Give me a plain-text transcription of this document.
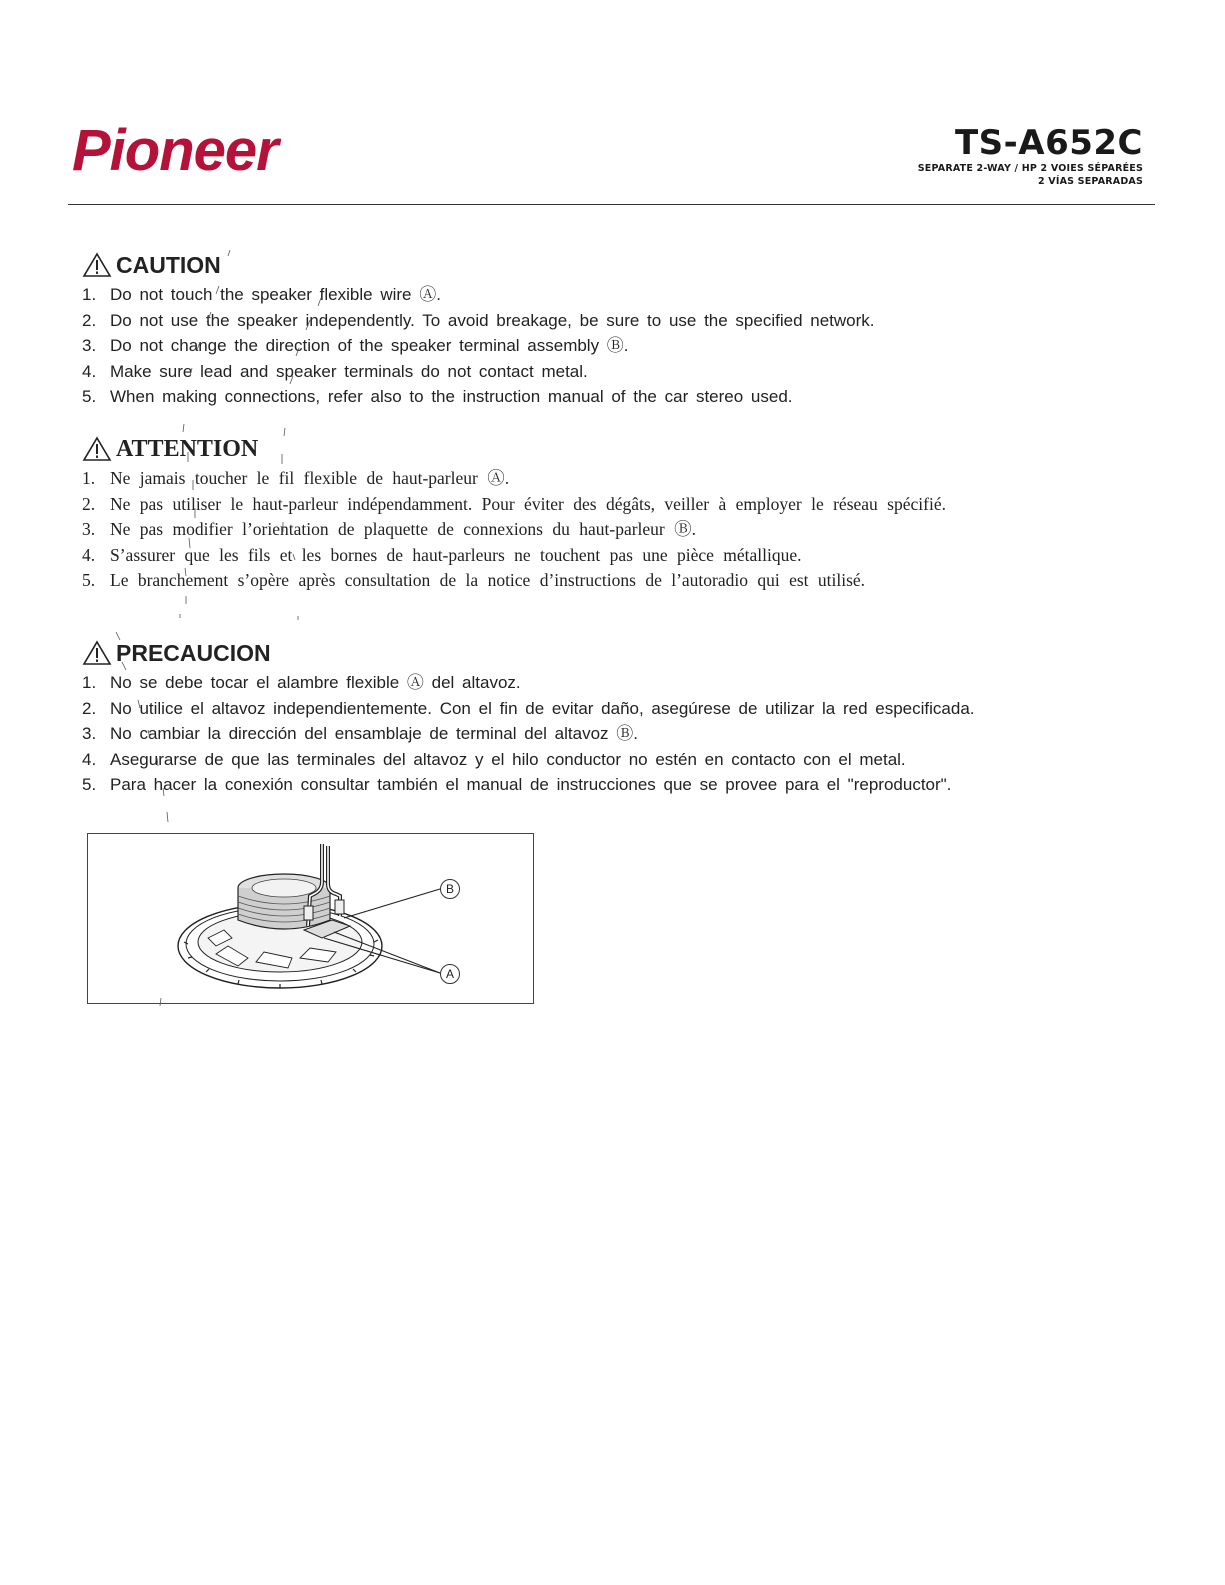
Pioneer	TS-A652C
SEPARATE 2-WAY / HP 2 VOIES SÉPARÉES
2 VÍAS SEPARADAS
CAUTION
1. Do not touch the speaker flexible wire Ⓐ.
2. Do not use the speaker independently. To avoid breakage, be sure to use the specified network.
3. Do not change the direction of the speaker terminal assembly Ⓑ.
4. Make sure lead and speaker terminals do not contact metal.
5. When making connections, refer also to the instruction manual of the car stereo used.
ATTENTION
1. Ne jamais toucher le fil flexible de haut-parleur Ⓐ.
2. Ne pas utiliser le haut-parleur indépendamment. Pour éviter des dégâts, veiller à employer le réseau spécifié.
3. Ne pas modifier l’orientation de plaquette de connexions du haut-parleur Ⓑ.
4. S’assurer que les fils et les bornes de haut-parleurs ne touchent pas une pièce métallique.
5. Le branchement s’opère après consultation de la notice d’instructions de l’autoradio qui est utilisé.
PRECAUCION
1. No se debe tocar el alambre flexible Ⓐ del altavoz.
2. No utilice el altavoz independientemente. Con el fin de evitar daño, asegúrese de utilizar la red especificada.
3. No cambiar la dirección del ensamblaje de terminal del altavoz Ⓑ.
4. Asegurarse de que las terminales del altavoz y el hilo conductor no estén en contacto con el metal.
5. Para hacer la conexión consultar también el manual de instrucciones que se provee para el "reproductor".
B
A
